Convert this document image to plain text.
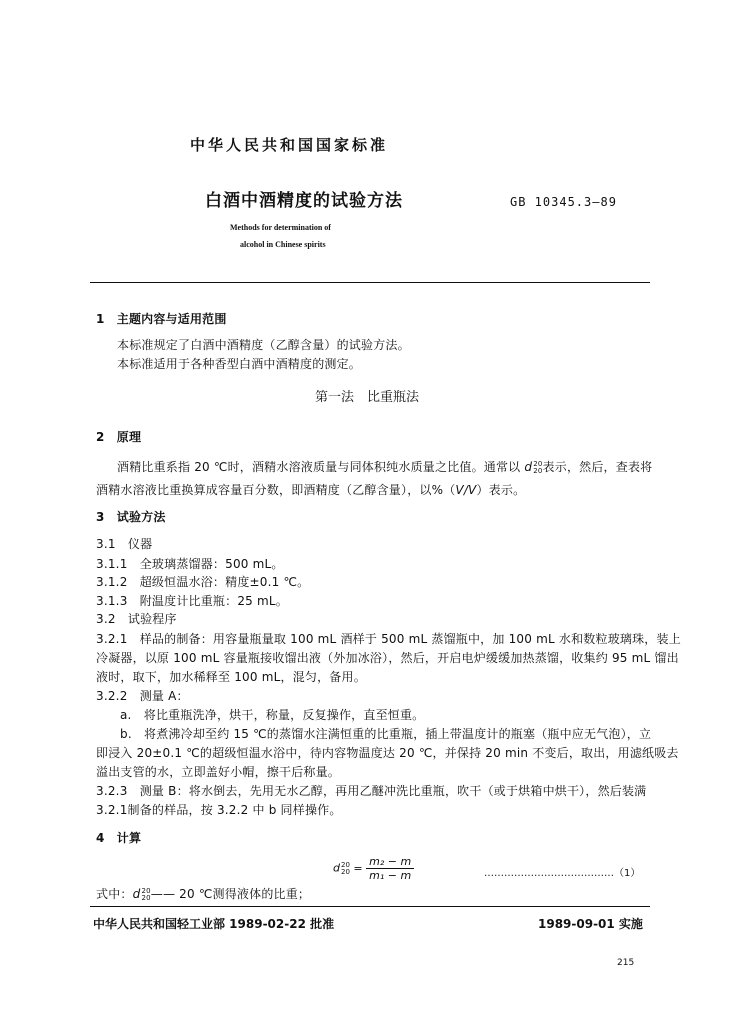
中华人民共和国国家标准
白酒中酒精度的试验方法	GB 10345.3—89
Methods for determination of
alcohol in Chinese spirits
1　主题内容与适用范围
本标准规定了白酒中酒精度（乙醇含量）的试验方法。
本标准适用于各种香型白酒中酒精度的测定。
第一法　比重瓶法
2　原理
酒精比重系指 20 ℃时，酒精水溶液质量与同体积纯水质量之比值。通常以 d 20
20 表示，然后，查表将
酒精水溶液比重换算成容量百分数，即酒精度（乙醇含量），以%（V/V）表示。
3　试验方法
3.1　仪器
3.1.1　全玻璃蒸馏器：500 mL。
3.1.2　超级恒温水浴：精度±0.1 ℃。
3.1.3　附温度计比重瓶：25 mL。
3.2　试验程序
3.2.1　样品的制备：用容量瓶量取 100 mL 酒样于 500 mL 蒸馏瓶中，加 100 mL 水和数粒玻璃珠，装上
冷凝器，以原 100 mL 容量瓶接收馏出液（外加冰浴），然后，开启电炉缓缓加热蒸馏，收集约 95 mL 馏出
液时，取下，加水稀释至 100 mL，混匀，备用。
3.2.2　测量 A：
a.　将比重瓶洗净，烘干，称量，反复操作，直至恒重。
b.　将煮沸冷却至约 15 ℃的蒸馏水注满恒重的比重瓶，插上带温度计的瓶塞（瓶中应无气泡），立
即浸入 20±0.1 ℃的超级恒温水浴中，待内容物温度达 20 ℃，并保持 20 min 不变后，取出，用滤纸吸去
溢出支管的水，立即盖好小帽，擦干后称量。
3.2.3　测量 B：将水倒去，先用无水乙醇，再用乙醚冲洗比重瓶，吹干（或于烘箱中烘干），然后装满
3.2.1制备的样品，按 3.2.2 中 b 同样操作。
4　计算
d 20
$20 = \frac{\text{m₂ − m}}{\text{m₁ − m}}$	…………………………………（1）
式中：d 20
20 —— 20 ℃测得液体的比重；
中华人民共和国轻工业部 1989-02-22 批准	1989-09-01 实施
215
